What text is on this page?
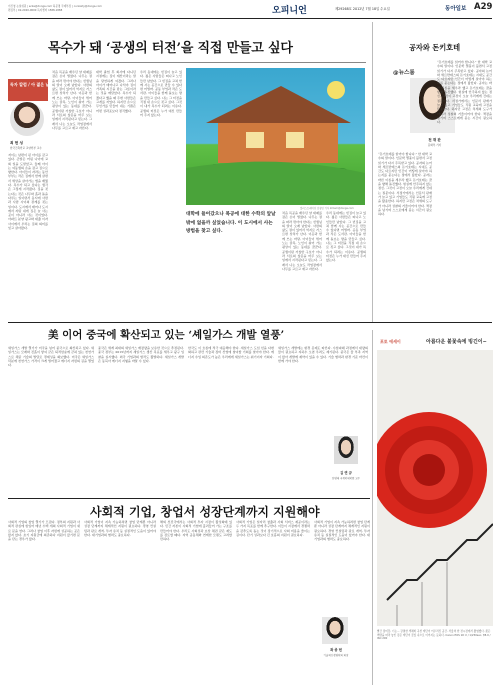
이진영 논설위원 | ecke@donga.com 허문명 국제부장 | curiosity@donga.com
편집부 | 02-2020-0000 독자센터 1588-1888	오피니언	제29268호 2012년 7월 18일 수요일	동아일보 A29
목수가 돼 ‘공생의 터전’을 직접 만들고 싶다
독자 칼럼 / 아 젊은 날
최 현 성
한국건축학교 교양학부 교수
저이는 남편이 된 아이를 갖고 있다. 큰딸은 어린 나이에 교회 일을 도맡았고, 둘째 아이는 여동생의 손을 잡고 집으로 향한다. 아이들이 자라는 동안 부부는 작은 집에서 함께 살면서 세상을 살아가는 법을 배웠다. 목수가 되고 싶다는 생각은 그렇게 시작됐다. 집을 짓는다는 것은 나무와 흙과 돌을 다루는 일이면서 동시에 사람과 사람 사이의 관계를 짓는 일이다. 도시에서 태어나 도시에서 자란 내게 집은 늘 사는 곳이 아니라 사는 것이었다. 아파트 분양 광고와 대출 이자 사이에서 우리는 집의 의미를 잊고 살아왔다.
처음 목공을 배우던 날 대패를 잡은 손이 떨렸다. 나무는 결을 따라 깎아야 한다는 선생님의 말이 오래 남았다. 사람의 삶도 결이 있어서 억지로 거스르면 상처가 난다. 이웃과 함께 쓰는 마당, 아이들이 뛰어노는 골목, 노인이 쉬어 가는 평상이 있는 동네를 꿈꾼다. 공생이란 거창한 구호가 아니라 서로의 창문을 마주 보는 일에서 시작된다고 믿는다. 그래서 나는 오늘도 작업장에서 나무를 고르고 재고 자른다.
대학 졸업 후 회사에 다니던 시절에는 집이 재산이라는 말을 당연하게 여겼다. 그러나 아이가 태어나고 나서야 집이 가족의 시간을 담는 그릇이라는 것을 깨달았다. 목수가 되겠다고 했을 때 주변 사람들은 고개를 저었다. 하지만 손으로 무언가를 만들어 내는 기쁨은 어떤 성과표보다 정직했다.
우리 동네에는 빈집이 늘고 있다. 젊은 사람들은 떠나고 노인들만 남았다. 그 빈집을 고쳐 함께 사는 공간으로 만들 수 있다면 어떨까. 공동 부엌과 작은 도서관, 아이들을 함께 돌보는 방을 만들고 싶다. 나는 그 터전을 직접 내 손으로 짓고 싶다. 그것이 내가 목수가 되려는 이유다. 공생의 터전은 누가 대신 만들어 주지 않는다.
일러스트레이션 김상민 기자 kimsm@donga.com
대학에 들어갔으나 목공에 대한 수학의 앞날 밖에 없을까 싶었습니다. 이 도시에서 사는 방법을 찾고 싶다.
처음 목공을 배우던 날 대패를 잡은 손이 떨렸다. 나무는 결을 따라 깎아야 한다는 선생님의 말이 오래 남았다. 사람의 삶도 결이 있어서 억지로 거스르면 상처가 난다. 이웃과 함께 쓰는 마당, 아이들이 뛰어노는 골목, 노인이 쉬어 가는 평상이 있는 동네를 꿈꾼다. 공생이란 거창한 구호가 아니라 서로의 창문을 마주 보는 일에서 시작된다고 믿는다. 그래서 나는 오늘도 작업장에서 나무를 고르고 재고 자른다.
우리 동네에는 빈집이 늘고 있다. 젊은 사람들은 떠나고 노인들만 남았다. 그 빈집을 고쳐 함께 사는 공간으로 만들 수 있다면 어떨까. 공동 부엌과 작은 도서관, 아이들을 함께 돌보는 방을 만들고 싶다. 나는 그 터전을 직접 내 손으로 짓고 싶다. 그것이 내가 목수가 되려는 이유다. 공생의 터전은 누가 대신 만들어 주지 않는다.
공자와 돈키호테
@뉴스룸
천 재 완
문화부 기자
“돈키호테를 읽어야 합니다.” 한 대학 교수의 말이다. 인문학 열풍이 불면서 고전 읽기가 다시 주목받고 있다. 공자의 논어와 세르반테스의 돈키호테는 시대도 공간도 다르지만 인간이 어떻게 살아야 하는지를 묻는다는 점에서 닮았다. 공자는 바른 이름을 세우라 했고 돈키호테는 꿈을 향해 돌진했다. 현실에 안주하지 않는 정신, 그것이 고전이 오늘 우리에게 건네는 질문이다. 서점가에서는 인문서 판매가 늘고 있고 기업들도 직원 교육에 고전을 활용한다. 하지만 고전은 처세의 도구가 아니라 성찰의 거울이어야 한다. 책장을 넘기며 스스로에게 묻는 시간이 필요하다.
“돈키호테를 읽어야 합니다.” 한 대학 교수의 말이다. 인문학 열풍이 불면서 고전 읽기가 다시 주목받고 있다. 공자의 논어와 세르반테스의 돈키호테는 시대도 공간도 다르지만 인간이 어떻게 살아야 하는지를 묻는다는 점에서 닮았다. 공자는 바른 이름을 세우라 했고 돈키호테는 꿈을 향해 돌진했다. 현실에 안주하지 않는 정신, 그것이 고전이 오늘 우리에게 건네는 질문이다. 서점가에서는 인문서 판매가 늘고 있고 기업들도 직원 교육에 고전을 활용한다. 하지만 고전은 처세의 도구가 아니라 성찰의 거울이어야 한다. 책장을 넘기며 스스로에게 묻는 시간이 필요하다.
美 이어 중국에 확산되고 있는 ‘셰일가스 개발 열풍’
셰일가스 개발 열기가 미국을 넘어 중국으로 확산되고 있다. 셰일가스는 모래와 진흙이 쌓여 굳은 퇴적암층에 갇혀 있는 천연가스로 채굴 기술의 발달로 경제성을 확보했다. 미국은 셰일가스 덕분에 천연가스 가격이 크게 떨어졌고 에너지 자립의 길을 열었다.
중국은 세계 최대의 셰일가스 매장량을 보유한 것으로 추정된다. 중국 정부는 2015년까지 셰일가스 생산 목표를 세우고 광구 입찰을 실시했다. 외국 기업과의 합작도 활발하다. 셰일가스 개발은 동북아 에너지 지형을 바꿀 수 있다.
한국도 이 흐름에 적극 대응해야 한다. 셰일가스 도입 선을 다변화하고 관련 기술과 장비 산업에 참여할 기회를 찾아야 한다. 에너지 수입 의존도가 높은 우리에게 셰일가스는 위기이자 기회다.
셰일가스 개발에는 환경 문제도 따른다. 수압파쇄 과정에서 대량의 물이 필요하고 지하수 오염 우려도 제기된다. 중국은 물 부족 지역이 많아 개발에 제약이 있을 수 있다. 기술 협력과 환경 기준 마련이 함께 가야 한다.
김 연 규
한양대 국제학대학원 교수
포토 에세이	아름다운 불꽃속에 빙긴이~
빨간 장미꽃, 너는... 강렬한 색채와 곡선 계단이 어우러진 공간. 서울의 한 전시장에서 촬영했다. 붉은 벽면을 따라 놓인 검은 계단이 꽃잎 속으로 이어지는 듯하다. Canon EOS 1D X / 1/250sec, f/8.0 / ISO 200
사회적 기업, 창업서 성장단계까지 지원해야
사회적 기업의 창업 열기가 뜨겁다. 정부의 지원과 사회적 관심에 힘입어 매년 수백 개의 사회적 기업이 새로 문을 연다. 그러나 창업 이후 자립에 성공하는 곳은 많지 않다. 초기 지원금에 의존하다 지원이 끊기면 문을 닫는 경우가 많다.
사회적 기업이 지속 가능하려면 창업 단계뿐 아니라 성장 단계까지 체계적인 지원이 필요하다. 경영 컨설팅과 판로 개척, 투자 유치 등 실질적인 도움이 있어야 한다. 대기업과의 협력도 중요하다.
해외 선진국에서는 사회적 투자 시장이 활성화돼 있다. 민간 자본이 사회적 기업에 흘러들어 가는 구조를 만들어야 한다. 우리도 사회성과 보상 채권 같은 제도를 검토할 때다. 지역 공동체와 연계한 모델도 고려할 만하다.
사회적 기업은 일자리 창출과 사회 서비스 제공이라는 두 가지 목표를 함께 추구한다. 이들이 시장에서 경쟁력을 갖추도록 돕는 것이 장기적으로 사회 비용을 줄이는 길이다. 단기 성과보다 긴 호흡의 지원이 필요하다.
사회적 기업이 지속 가능하려면 창업 단계뿐 아니라 성장 단계까지 체계적인 지원이 필요하다. 경영 컨설팅과 판로 개척, 투자 유치 등 실질적인 도움이 있어야 한다. 대기업과의 협력도 중요하다.
곽 종 현
기술혁신경영학회 회장
